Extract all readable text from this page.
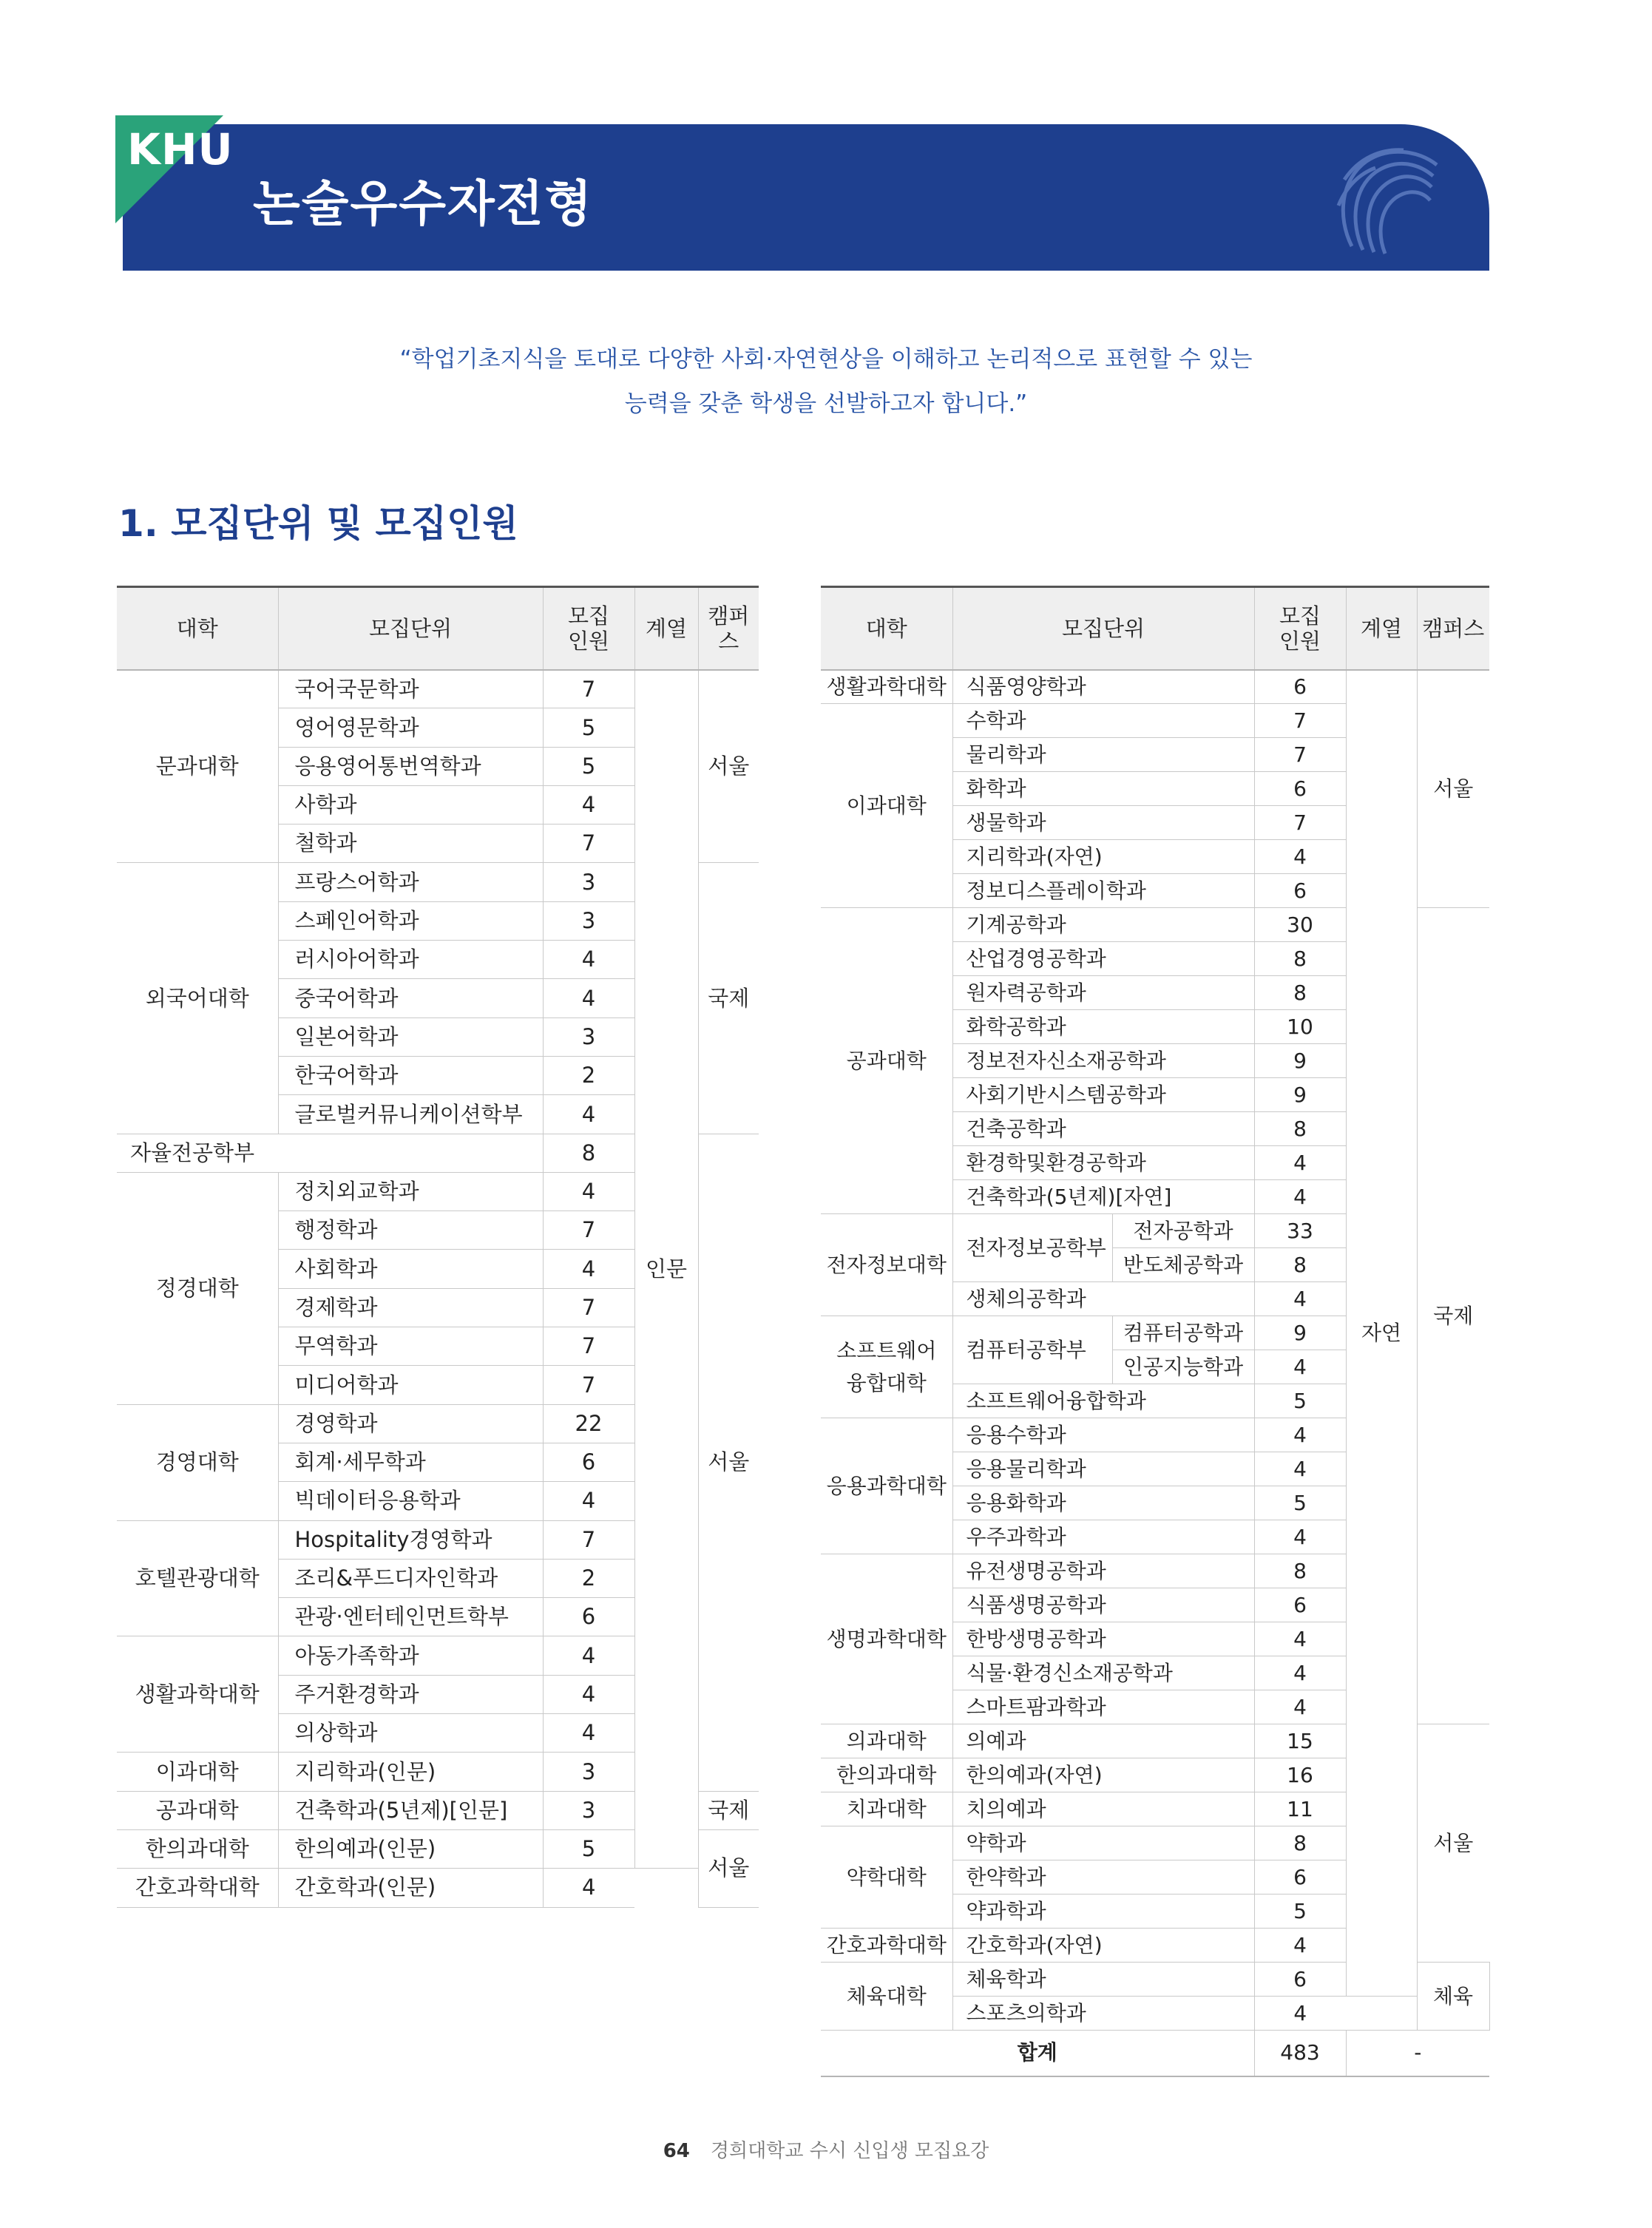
논술우수자전형
KHU
“학업기초지식을 토대로 다양한 사회·자연현상을 이해하고 논리적으로 표현할 수 있는
능력을 갖춘 학생을 선발하고자 합니다.”
1. 모집단위 및 모집인원
대학	모집단위	모집
인원	계열	캠퍼스
문과대학	국어국문학과	7	인문	서울
	영어영문학과	5		
	응용영어통번역학과	5		
	사학과	4		
	철학과	7		
외국어대학	프랑스어학과	3		국제
	스페인어학과	3		
	러시아어학과	4		
	중국어학과	4		
	일본어학과	3		
	한국어학과	2		
	글로벌커뮤니케이션학부	4		
자율전공학부		8		서울
정경대학	정치외교학과	4		
	행정학과	7		
	사회학과	4		
	경제학과	7		
	무역학과	7		
	미디어학과	7		
경영대학	경영학과	22		
	회계·세무학과	6		
	빅데이터응용학과	4		
호텔관광대학	Hospitality경영학과	7		
	조리&푸드디자인학과	2		
	관광·엔터테인먼트학부	6		
생활과학대학	아동가족학과	4		
	주거환경학과	4		
	의상학과	4		
이과대학	지리학과(인문)	3		
공과대학	건축학과(5년제)[인문]	3		국제
한의과대학	한의예과(인문)	5		서울
간호과학대학	간호학과(인문)	4		
대학	모집단위		모집
인원	계열	캠퍼스	
생활과학대학	식품영양학과		6	자연	서울	
이과대학	수학과		7			
	물리학과		7			
	화학과		6			
	생물학과		7			
	지리학과(자연)		4			
	정보디스플레이학과		6			
공과대학	기계공학과		30		국제	
	산업경영공학과		8			
	원자력공학과		8			
	화학공학과		10			
	정보전자신소재공학과		9			
	사회기반시스템공학과		9			
	건축공학과		8			
	환경학및환경공학과		4			
	건축학과(5년제)[자연]		4			
전자정보대학	전자정보공학부	전자공학과	33			
		반도체공학과	8			
	생체의공학과		4			
소프트웨어
융합대학	컴퓨터공학부	컴퓨터공학과	9			
		인공지능학과	4			
	소프트웨어융합학과		5			
응용과학대학	응용수학과		4			
	응용물리학과		4			
	응용화학과		5			
	우주과학과		4			
생명과학대학	유전생명공학과		8			
	식품생명공학과		6			
	한방생명공학과		4			
	식물·환경신소재공학과		4			
	스마트팜과학과		4			
의과대학	의예과		15		서울	
한의과대학	한의예과(자연)		16			
치과대학	치의예과		11			
약학대학	약학과		8			
	한약학과		6			
	약과학과		5			
간호과학대학	간호학과(자연)		4			
체육대학	체육학과		6		체육	
	스포츠의학과		4			
합계			483	-		
64 경희대학교 수시 신입생 모집요강
